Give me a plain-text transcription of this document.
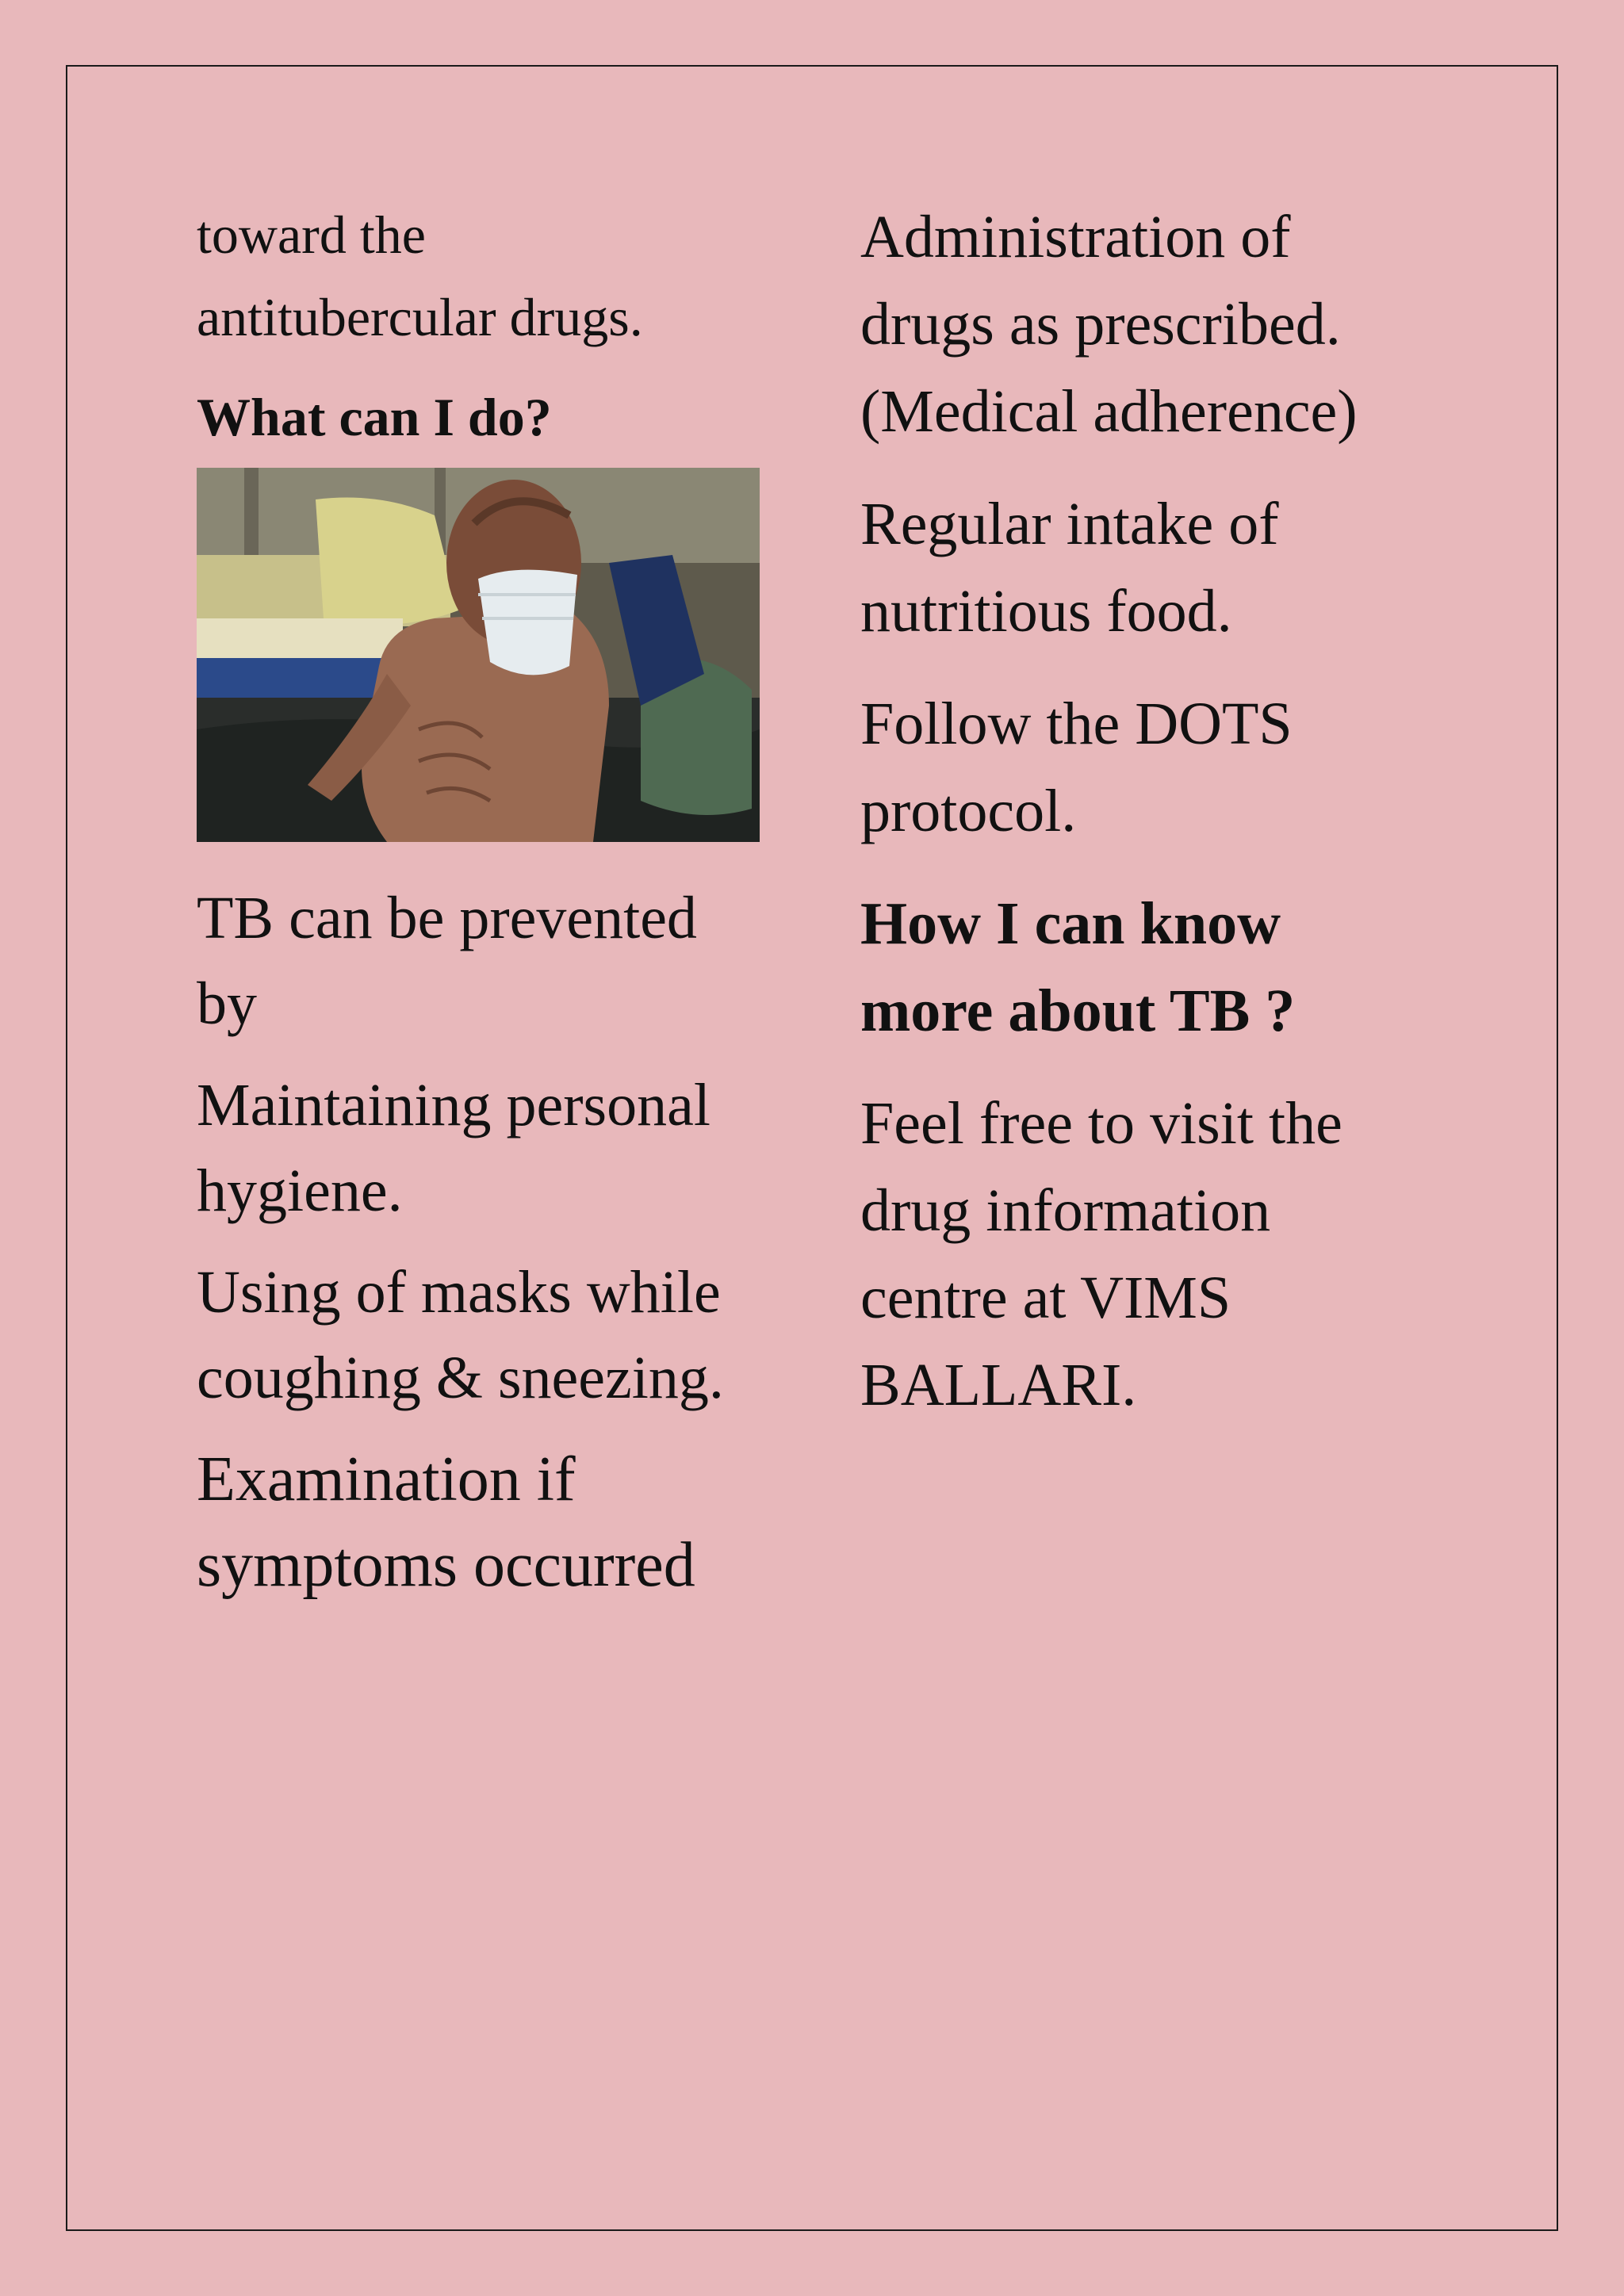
toward the

antitubercular drugs.

What can I do?

TB can be prevented

by

Maintaining personal

hygiene.

Using of masks while

coughing & sneezing.

Examination if

symptoms occurred

Administration of

drugs as prescribed.

(Medical adherence)

Regular intake of

nutritious food.

Follow the DOTS

protocol.

How I can know

more about TB ?

Feel free to visit the

drug information

centre at VIMS

BALLARI.
